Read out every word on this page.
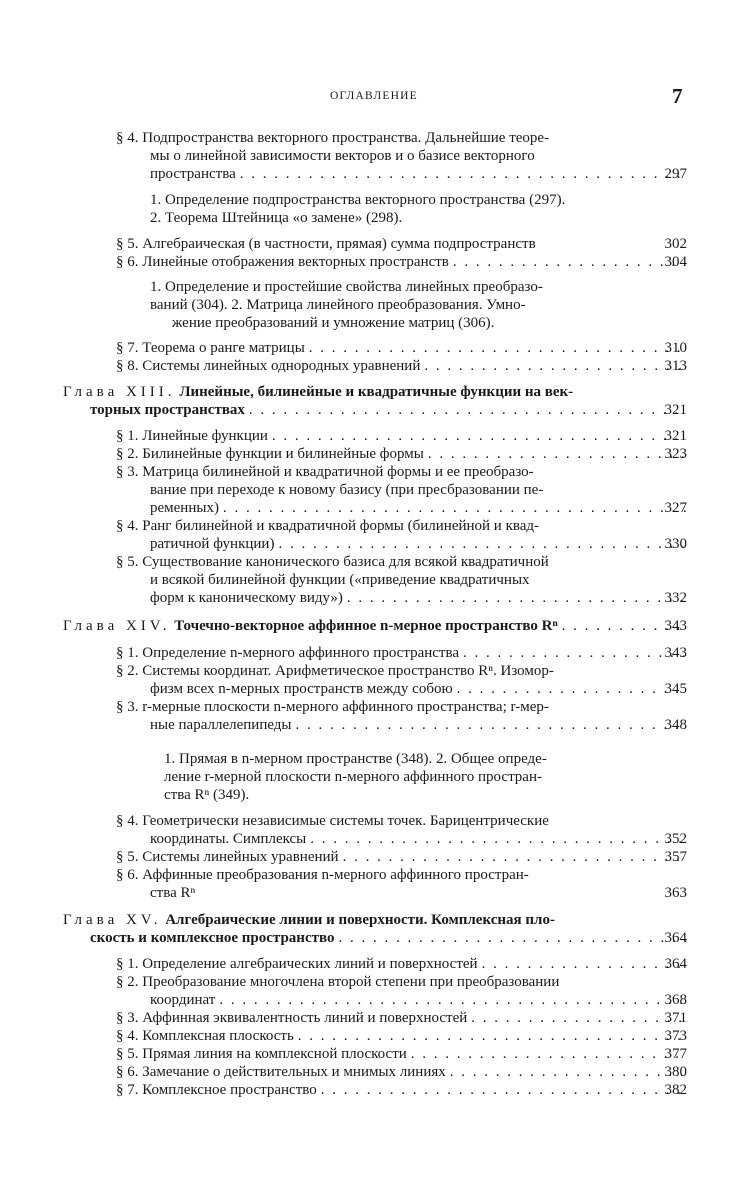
ОГЛАВЛЕНИЕ	7
§ 4. Подпространства векторного пространства. Дальнейшие теоре-
мы о линейной зависимости векторов и о базисе векторного
пространства . . .	297
1. Определение подпространства векторного пространства (297).
2. Теорема Штейница «о замене» (298).
§ 5. Алгебраическая (в частности, прямая) сумма подпространств	302
§ 6. Линейные отображения векторных пространств . . .	304
1. Определение и простейшие свойства линейных преобразо-
ваний (304). 2. Матрица линейного преобразования. Умно-
жение преобразований и умножение матриц (306).
§ 7. Теорема о ранге матрицы . . .	310
§ 8. Системы линейных однородных уравнений . . .	313
Глава XIII.
Линейные, билинейные и квадратичные функции на век-
торных пространствах . . .	321
§ 1. Линейные функции . . .	321
§ 2. Билинейные функции и билинейные формы . . .	323
§ 3. Матрица билинейной и квадратичной формы и ее преобразо-
вание при переходе к новому базису (при пресбразовании пе-
ременных) . . .	327
§ 4. Ранг билинейной и квадратичной формы (билинейной и квад-
ратичной функции) . . .	330
§ 5. Существование канонического базиса для всякой квадратичной
и всякой билинейной функции («приведение квадратичных
форм к каноническому виду») . . .	332
Глава XIV.
Точечно-векторное аффинное n-мерное пространство Rⁿ . . .	343
§ 1. Определение n-мерного аффинного пространства . . .	343
§ 2. Системы координат. Арифметическое пространство Rⁿ. Изомор-
физм всех n-мерных пространств между собою . . .	345
§ 3. r-мерные плоскости n-мерного аффинного пространства; r-мер-
ные параллелепипеды . . .	348
1. Прямая в n-мерном пространстве (348). 2. Общее опреде-
ление r-мерной плоскости n-мерного аффинного простран-
ства Rⁿ (349).
§ 4. Геометрически независимые системы точек. Барицентрические
координаты. Симплексы . . .	352
§ 5. Системы линейных уравнений . . .	357
§ 6. Аффинные преобразования n-мерного аффинного простран-
ства Rⁿ	363
Глава XV.
Алгебраические линии и поверхности. Комплексная пло-
скость и комплексное пространство . . .	364
§ 1. Определение алгебраических линий и поверхностей . . .	364
§ 2. Преобразование многочлена второй степени при преобразовании
координат . . .	368
§ 3. Аффинная эквивалентность линий и поверхностей . . .	371
§ 4. Комплексная плоскость . . .	373
§ 5. Прямая линия на комплексной плоскости . . .	377
§ 6. Замечание о действительных и мнимых линиях . . .	380
§ 7. Комплексное пространство . . .	382
